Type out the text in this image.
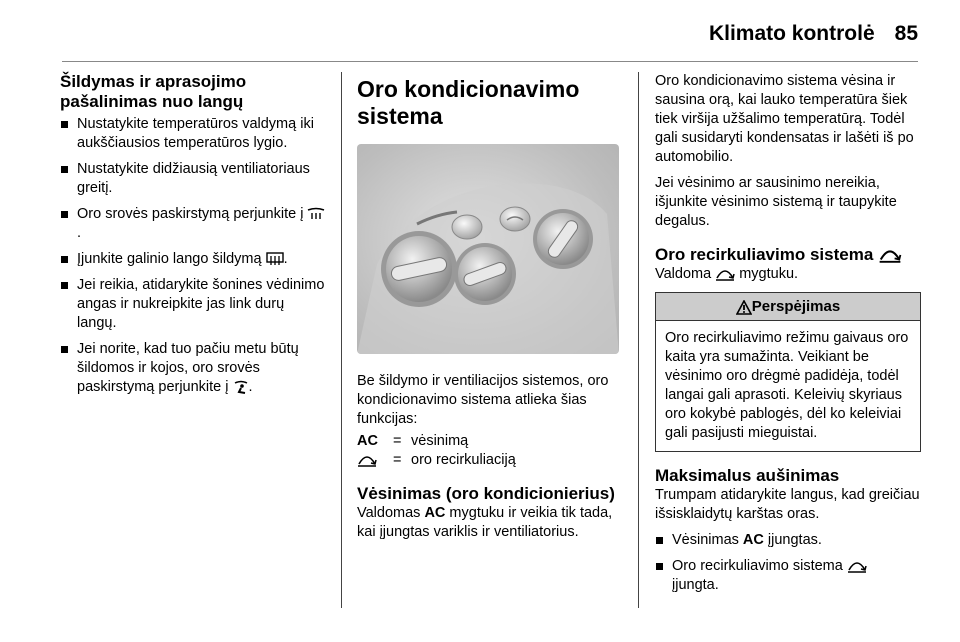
Klimato kontrolė 85
Šildymas ir aprasojimo pašalinimas nuo langų
Nustatykite temperatūros valdymą iki aukščiausios temperatūros lygio.
Nustatykite didžiausią ventiliatoriaus greitį.
Oro srovės paskirstymą perjunkite į .
Įjunkite galinio lango šildymą .
Jei reikia, atidarykite šonines vėdinimo angas ir nukreipkite jas link durų langų.
Jei norite, kad tuo pačiu metu būtų šildomos ir kojos, oro srovės paskirstymą perjunkite į .
Oro kondicionavimo sistema

Be šildymo ir ventiliacijos sistemos, oro kondicionavimo sistema atlieka šias funkcijas:

AC	= vėsinimą
= oro recirkuliaciją
Vėsinimas (oro kondicionierius)

Valdomas AC mygtuku ir veikia tik tada, kai įjungtas variklis ir ventiliatorius.

Oro kondicionavimo sistema vėsina ir sausina orą, kai lauko temperatūra šiek tiek viršija užšalimo temperatūrą. Todėl gali susidaryti kondensatas ir lašėti iš po automobilio.

Jei vėsinimo ar sausinimo nereikia, išjunkite vėsinimo sistemą ir taupykite degalus.

Oro recirkuliavimo sistema

Valdoma mygtuku.

Perspėjimas
Oro recirkuliavimo režimu gaivaus oro kaita yra sumažinta. Veikiant be vėsinimo oro drėgmė padidėja, todėl langai gali aprasoti. Keleivių skyriaus oro kokybė pablogės, dėl ko keleiviai gali pasijusti mieguistai.
Maksimalus aušinimas

Trumpam atidarykite langus, kad greičiau išsisklaidytų karštas oras.

Vėsinimas AC įjungtas.
Oro recirkuliavimo sistema
įjungta.
